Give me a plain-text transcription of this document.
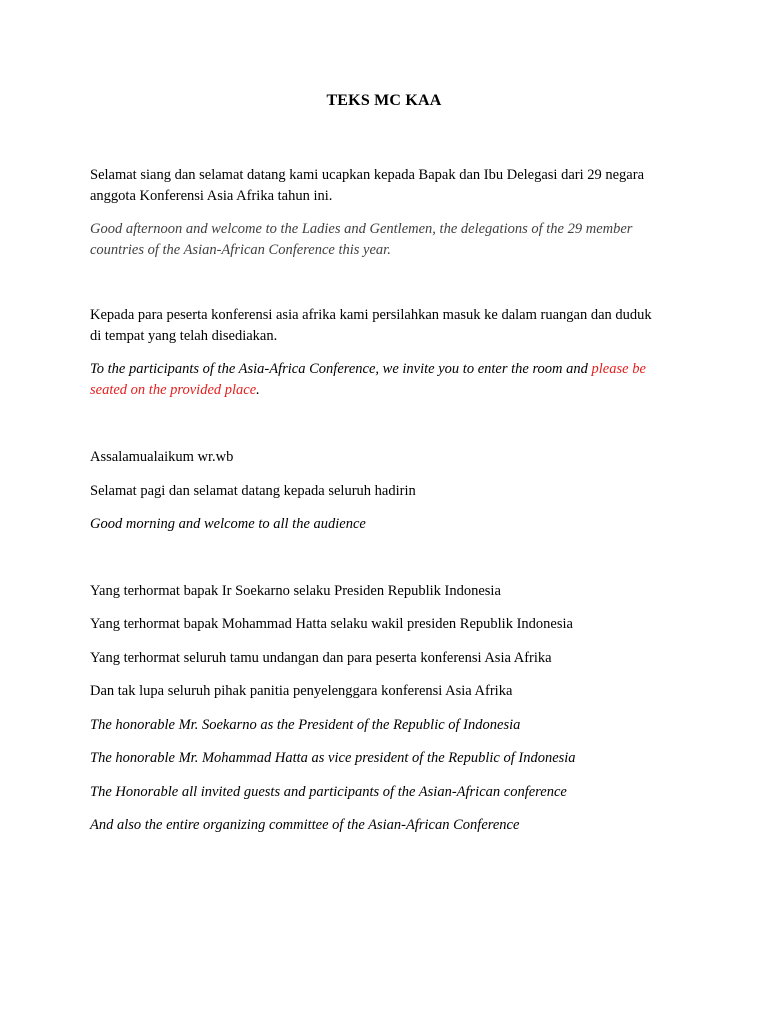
TEKS MC KAA
Selamat siang dan selamat datang kami ucapkan kepada Bapak dan Ibu Delegasi dari 29 negara
anggota Konferensi Asia Afrika tahun ini.
Good afternoon and welcome to the Ladies and Gentlemen, the delegations of the 29 member
countries of the Asian-African Conference this year.
Kepada para peserta konferensi asia afrika kami persilahkan masuk ke dalam ruangan dan duduk
di tempat yang telah disediakan.
To the participants of the Asia-Africa Conference, we invite you to enter the room and please be
seated on the provided place.
Assalamualaikum wr.wb
Selamat pagi dan selamat datang kepada seluruh hadirin
Good morning and welcome to all the audience
Yang terhormat bapak Ir Soekarno selaku Presiden Republik Indonesia
Yang terhormat bapak Mohammad Hatta selaku wakil presiden Republik Indonesia
Yang terhormat seluruh tamu undangan dan para peserta konferensi Asia Afrika
Dan tak lupa seluruh pihak panitia penyelenggara konferensi Asia Afrika
The honorable Mr. Soekarno as the President of the Republic of Indonesia
The honorable Mr. Mohammad Hatta as vice president of the Republic of Indonesia
The Honorable all invited guests and participants of the Asian-African conference
And also the entire organizing committee of the Asian-African Conference
